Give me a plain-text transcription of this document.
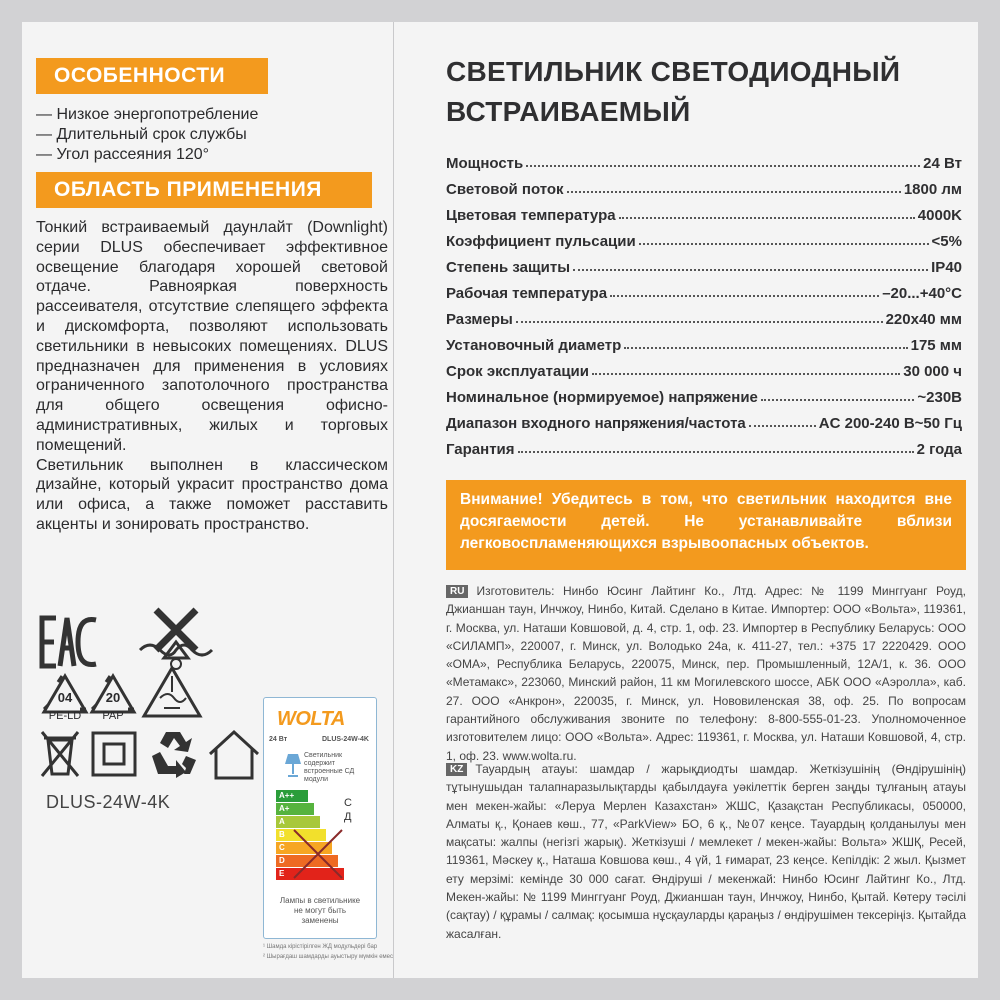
ОСОБЕННОСТИ
— Низкое энергопотребление
— Длительный срок службы
— Угол рассеяния 120°
ОБЛАСТЬ ПРИМЕНЕНИЯ

Тонкий встраиваемый даунлайт (Downlight) серии DLUS обеспечивает эффективное освещение благодаря хорошей световой отдаче. Равнояркая поверхность рассеивателя, отсутствие слепящего эффекта и дискомфорта, позволяют использовать светильники в невысоких помещениях. DLUS предназначен для применения в условиях ограниченного запотолочного пространства для общего освещения офисно-административных, жилых и торговых помещений.

Светильник выполнен в классическом дизайне, который украсит пространство дома или офиса, а также поможет расставить акценты и зонировать пространство.

04
PE-LD
20
PAP
DLUS-24W-4K
WOLTA
24 Вт	DLUS-24W-4K
Светильник содержит встроенные СД модули
A++
A+
A
B
C
D
E
С
Д
Лампы в светильнике не могут быть заменены
¹ Шамда кірістірілген ЖД модульдері бар
² Шырағдаш шамдарды ауыстыру мүмкін емес
СВЕТИЛЬНИК СВЕТОДИОДНЫЙ
ВСТРАИВАЕМЫЙ
Мощность	24 Вт
Световой поток	1800 лм
Цветовая температура	4000K
Коэффициент пульсации	<5%
Степень защиты	IP40
Рабочая температура	–20...+40°C
Размеры	220x40 мм
Установочный диаметр	175 мм
Срок эксплуатации	30 000 ч
Номинальное (нормируемое) напряжение	~230В
Диапазон входного напряжения/частота	AC 200-240 В~50 Гц
Гарантия	2 года
Внимание! Убедитесь в том, что светильник находится вне досягаемости детей. Не устанавливайте вблизи легковоспламеняющихся взрывоопасных объектов.
RU Изготовитель: Нинбо Юсинг Лайтинг Ко., Лтд. Адрес: № 1199 Минггуанг Роуд, Джианшан таун, Инчжоу, Нинбо, Китай. Сделано в Китае. Импортер: ООО «Вольта», 119361, г. Москва, ул. Наташи Ковшовой, д. 4, стр. 1, оф. 23. Импортер в Республику Беларусь: ООО «СИЛАМП», 220007, г. Минск, ул. Володько 24а, к. 411-27, тел.: +375 17 2220429. ООО «ОМА», Республика Беларусь, 220075, Минск, пер. Промышленный, 12А/1, к. 36. ООО «Метамакс», 223060, Минский район, 11 км Могилевского шоссе, АБК ООО «Аэролла», каб. 27. ООО «Анкрон», 220035, г. Минск, ул. Нововиленская 38, оф. 25. По вопросам гарантийного обслуживания звоните по телефону: 8-800-555-01-23. Уполномоченное изготовителем лицо: ООО «Вольта». Адрес: 119361, г. Москва, ул. Наташи Ковшовой, 4, стр. 1, оф. 23. www.wolta.ru.
KZ Тауардың атауы: шамдар / жарықдиодты шамдар. Жеткізушінің (Өндірушінің) тұтынушыдан талапнаразылықтарды қабылдауға уәкілеттік берген заңды тұлғаның атауы мен мекен-жайы: «Леруа Мерлен Казахстан» ЖШС, Қазақстан Республикасы, 050000, Алматы қ., Қонаев көш., 77, «ParkView» БО, 6 қ., №07 кеңсе. Тауардың қолданылуы мен мақсаты: жалпы (негізгі жарық). Жеткізуші / мемлекет / мекен-жайы: Вольта» ЖШҚ, Ресей, 119361, Мәскеу қ., Наташа Ковшова көш., 4 үй, 1 ғимарат, 23 кеңсе. Кепілдік: 2 жыл. Қызмет ету мерзімі: кемінде 30 000 сағат. Өндіруші / мекенжай: Нинбо Юсинг Лайтинг Ко., Лтд. Мекен-жайы: № 1199 Минггуанг Роуд, Джианшан таун, Инчжоу, Нинбо, Қытай. Көтеру тәсілі (сақтау) / құрамы / салмақ: қосымша нұсқауларды қараңыз / өндірушімен тексеріңіз. Қытайда жасалған.
